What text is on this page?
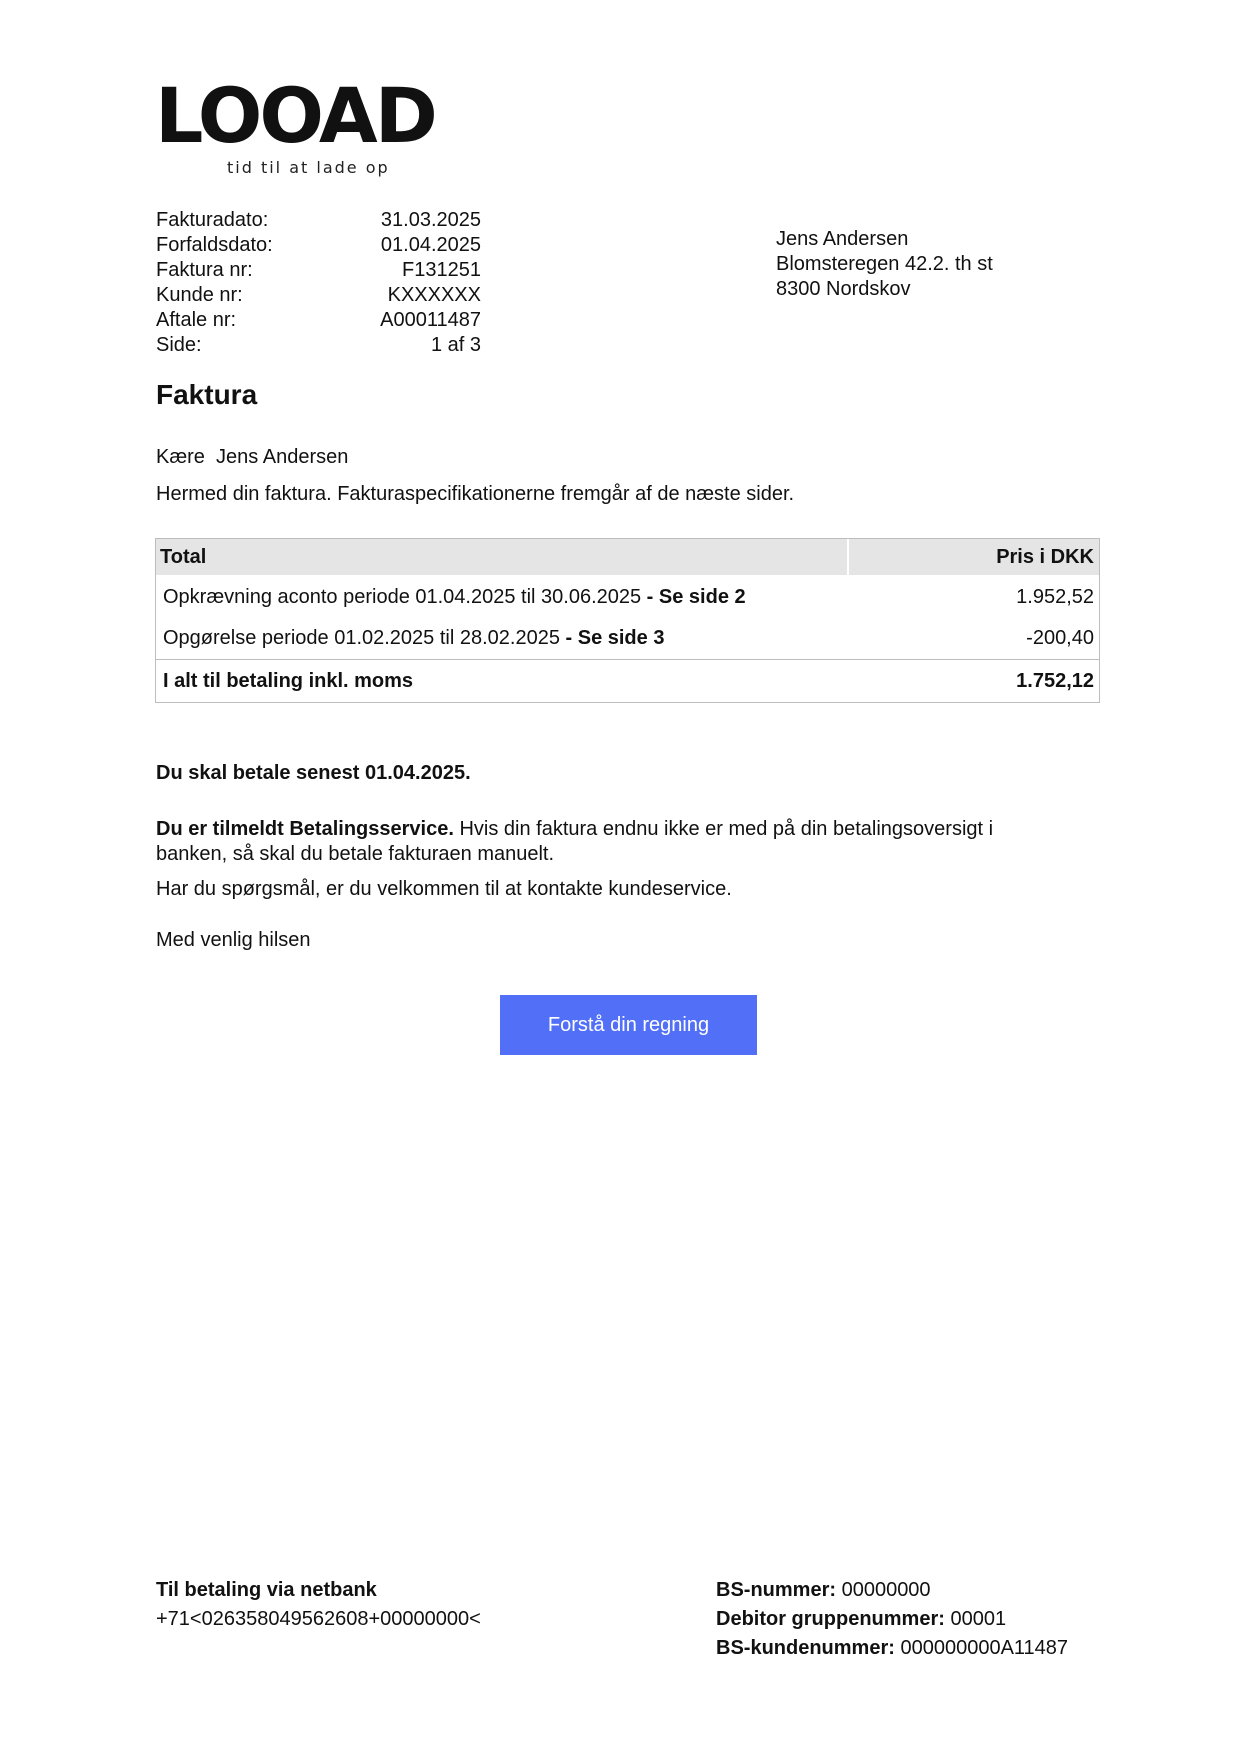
LOOAD
tid til at lade op
Fakturadato:	31.03.2025
Forfaldsdato:	01.04.2025
Faktura nr:	F131251
Kunde nr:	KXXXXXX
Aftale nr:	A00011487
Side:	1 af 3
Jens Andersen
Blomsteregen 42.2. th st
8300 Nordskov
Faktura
Kære Jens Andersen
Hermed din faktura. Fakturaspecifikationerne fremgår af de næste sider.
Total	Pris i DKK
Opkrævning aconto periode 01.04.2025 til 30.06.2025 - Se side 2	1.952,52
Opgørelse periode 01.02.2025 til 28.02.2025 - Se side 3	-200,40
I alt til betaling inkl. moms	1.752,12
Du skal betale senest 01.04.2025.
Du er tilmeldt Betalingsservice. Hvis din faktura endnu ikke er med på din betalingsoversigt i banken, så skal du betale fakturaen manuelt.
Har du spørgsmål, er du velkommen til at kontakte kundeservice.
Med venlig hilsen
Forstå din regning
Til betaling via netbank
+71<026358049562608+00000000<
BS-nummer: 00000000
Debitor gruppenummer: 00001
BS-kundenummer: 000000000A11487
